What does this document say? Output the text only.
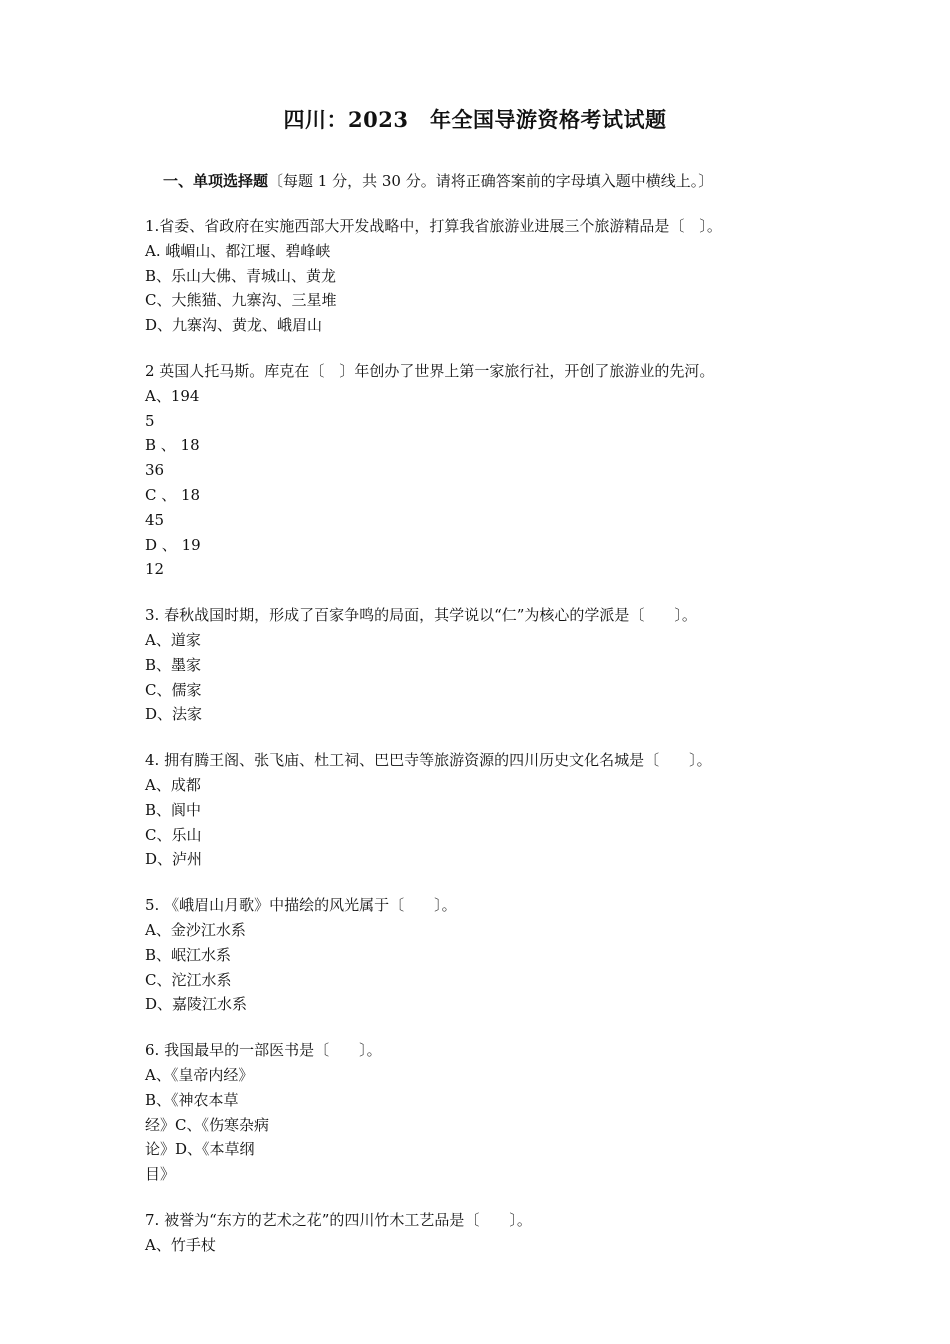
四川：2023　年全国导游资格考试试题
一、单项选择题〔每题 1 分，共 30 分。请将正确答案前的字母填入题中横线上。〕
1.省委、省政府在实施西部大开发战略中，打算我省旅游业进展三个旅游精品是〔　〕。
A. 峨嵋山、都江堰、碧峰峡
B、乐山大佛、青城山、黄龙
C、大熊猫、九寨沟、三星堆
D、九寨沟、黄龙、峨眉山
2 英国人托马斯。库克在〔　〕年创办了世界上第一家旅行社，开创了旅游业的先河。
A、194
5
B 、 18
36
C 、 18
45
D 、 19
12
3. 春秋战国时期，形成了百家争鸣的局面，其学说以“仁”为核心的学派是〔　　〕。
A、道家
B、墨家
C、儒家
D、法家
4. 拥有腾王阁、张飞庙、杜工祠、巴巴寺等旅游资源的四川历史文化名城是〔　　〕。
A、成都
B、阆中
C、乐山
D、泸州
5. 《峨眉山月歌》中描绘的风光属于〔　　〕。
A、金沙江水系
B、岷江水系
C、沱江水系
D、嘉陵江水系
6. 我国最早的一部医书是〔　　〕。
A、《皇帝内经》
B、《神农本草
经》C、《伤寒杂病
论》D、《本草纲
目》
7. 被誉为“东方的艺术之花”的四川竹木工艺品是〔　　〕。
A、竹手杖
